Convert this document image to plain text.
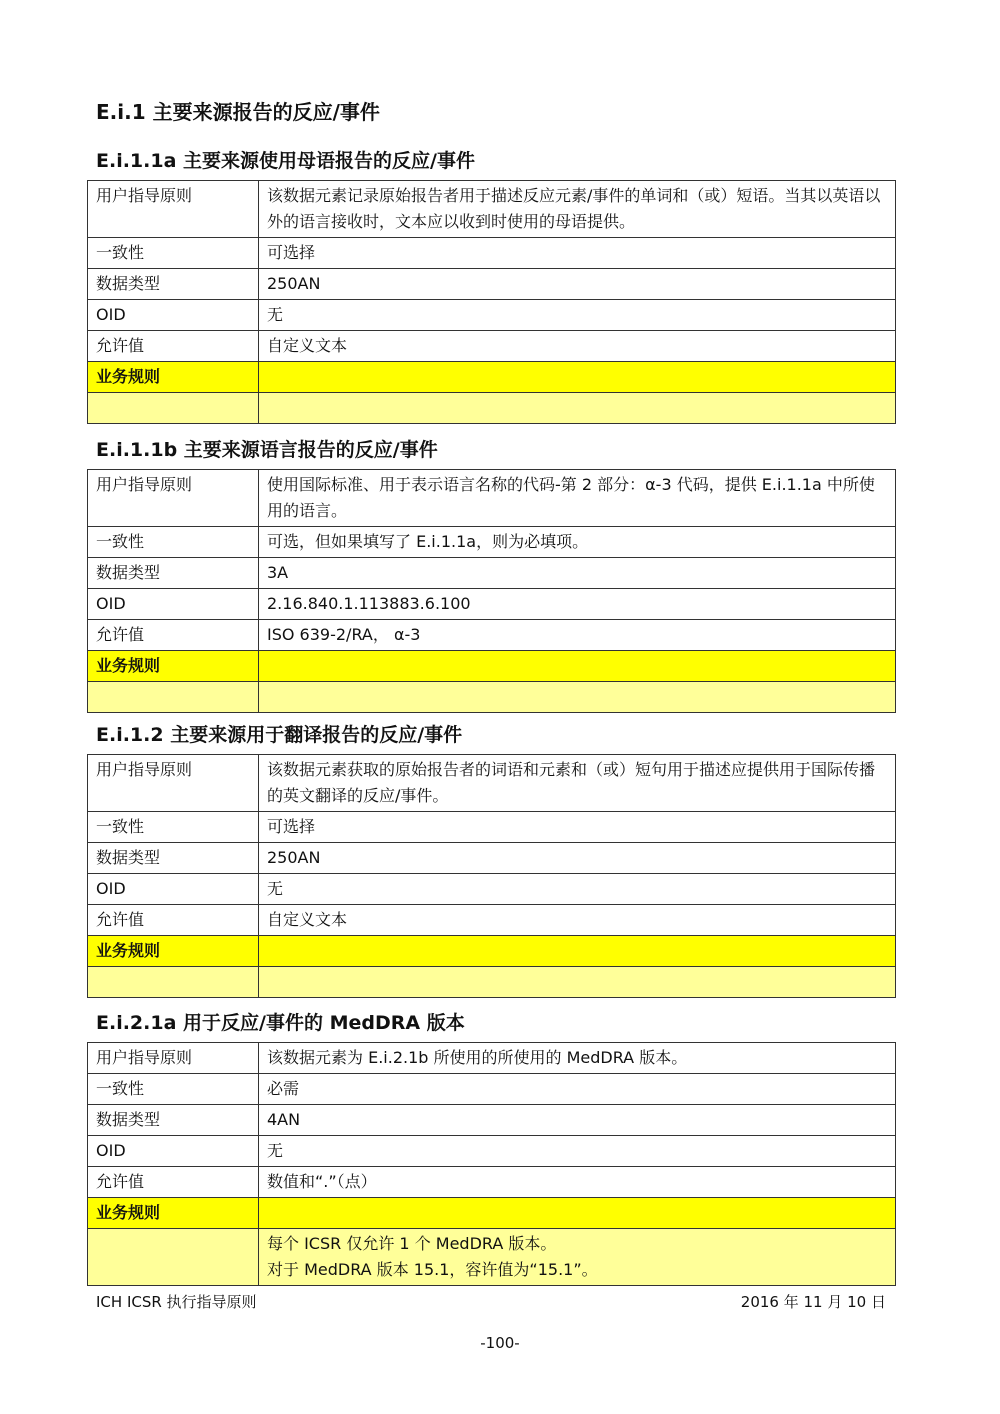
E.i.1 主要来源报告的反应/事件
E.i.1.1a 主要来源使用母语报告的反应/事件
用户指导原则	该数据元素记录原始报告者用于描述反应元素/事件的单词和（或）短语。当其以英语以外的语言接收时，文本应以收到时使用的母语提供。
一致性	可选择
数据类型	250AN
OID	无
允许值	自定义文本
业务规则	

E.i.1.1b 主要来源语言报告的反应/事件
用户指导原则	使用国际标准、用于表示语言名称的代码-第 2 部分：α-3 代码，提供 E.i.1.1a 中所使用的语言。
一致性	可选，但如果填写了 E.i.1.1a，则为必填项。
数据类型	3A
OID	2.16.840.1.113883.6.100
允许值	ISO 639-2/RA， α-3
业务规则	

E.i.1.2 主要来源用于翻译报告的反应/事件
用户指导原则	该数据元素获取的原始报告者的词语和元素和（或）短句用于描述应提供用于国际传播的英文翻译的反应/事件。
一致性	可选择
数据类型	250AN
OID	无
允许值	自定义文本
业务规则	

E.i.2.1a 用于反应/事件的 MedDRA 版本
用户指导原则	该数据元素为 E.i.2.1b 所使用的所使用的 MedDRA 版本。
一致性	必需
数据类型	4AN
OID	无
允许值	数值和“.”（点）
业务规则	

	每个 ICSR 仅允许 1 个 MedDRA 版本。
对于 MedDRA 版本 15.1，容许值为“15.1”。
ICH ICSR 执行指导原则	2016 年 11 月 10 日
-100-
